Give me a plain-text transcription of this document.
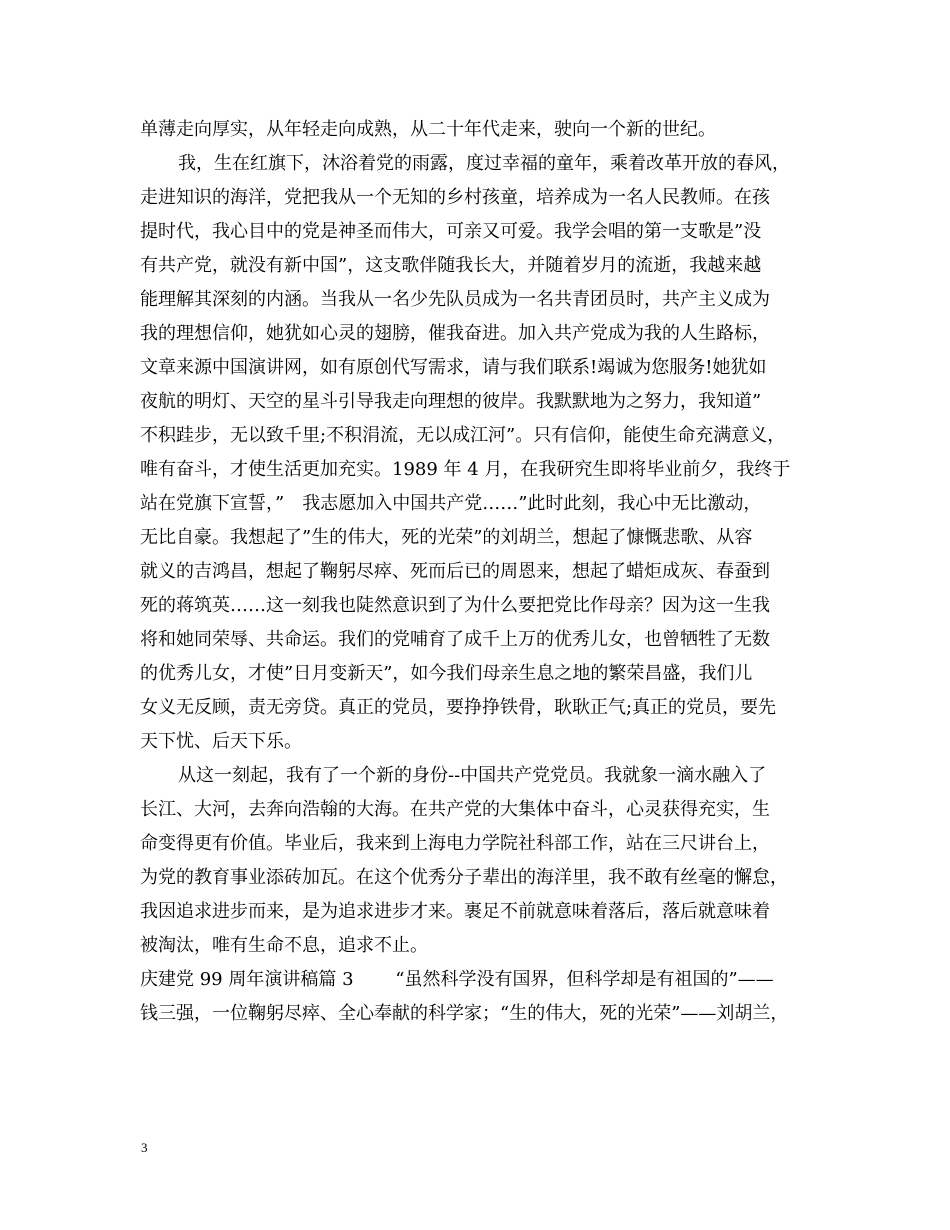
单薄走向厚实，从年轻走向成熟，从二十年代走来，驶向一个新的世纪。
我，生在红旗下，沐浴着党的雨露，度过幸福的童年，乘着改革开放的春风，
走进知识的海洋，党把我从一个无知的乡村孩童，培养成为一名人民教师。在孩
提时代，我心目中的党是神圣而伟大，可亲又可爱。我学会唱的第一支歌是”没
有共产党，就没有新中国”，这支歌伴随我长大，并随着岁月的流逝，我越来越
能理解其深刻的内涵。当我从一名少先队员成为一名共青团员时，共产主义成为
我的理想信仰，她犹如心灵的翅膀，催我奋进。加入共产党成为我的人生路标，
文章来源中国演讲网，如有原创代写需求，请与我们联系!竭诚为您服务!她犹如
夜航的明灯、天空的星斗引导我走向理想的彼岸。我默默地为之努力，我知道”
不积跬步，无以致千里;不积涓流，无以成江河”。只有信仰，能使生命充满意义，
唯有奋斗，才使生活更加充实。1989 年 4 月，在我研究生即将毕业前夕，我终于
站在党旗下宣誓，”　我志愿加入中国共产党……”此时此刻，我心中无比激动，
无比自豪。我想起了”生的伟大，死的光荣”的刘胡兰，想起了慷慨悲歌、从容
就义的吉鸿昌，想起了鞠躬尽瘁、死而后已的周恩来，想起了蜡炬成灰、春蚕到
死的蒋筑英……这一刻我也陡然意识到了为什么要把党比作母亲？因为这一生我
将和她同荣辱、共命运。我们的党哺育了成千上万的优秀儿女，也曾牺牲了无数
的优秀儿女，才使”日月变新天”，如今我们母亲生息之地的繁荣昌盛，我们儿
女义无反顾，责无旁贷。真正的党员，要挣挣铁骨，耿耿正气;真正的党员，要先
天下忧、后天下乐。
从这一刻起，我有了一个新的身份--中国共产党党员。我就象一滴水融入了
长江、大河，去奔向浩翰的大海。在共产党的大集体中奋斗，心灵获得充实，生
命变得更有价值。毕业后，我来到上海电力学院社科部工作，站在三尺讲台上，
为党的教育事业添砖加瓦。在这个优秀分子辈出的海洋里，我不敢有丝毫的懈怠，
我因追求进步而来，是为追求进步才来。裹足不前就意味着落后，落后就意味着
被淘汰，唯有生命不息，追求不止。
庆建党 99 周年演讲稿篇 3　　 “虽然科学没有国界，但科学却是有祖国的”——
钱三强，一位鞠躬尽瘁、全心奉献的科学家；“生的伟大，死的光荣”——刘胡兰，
3
